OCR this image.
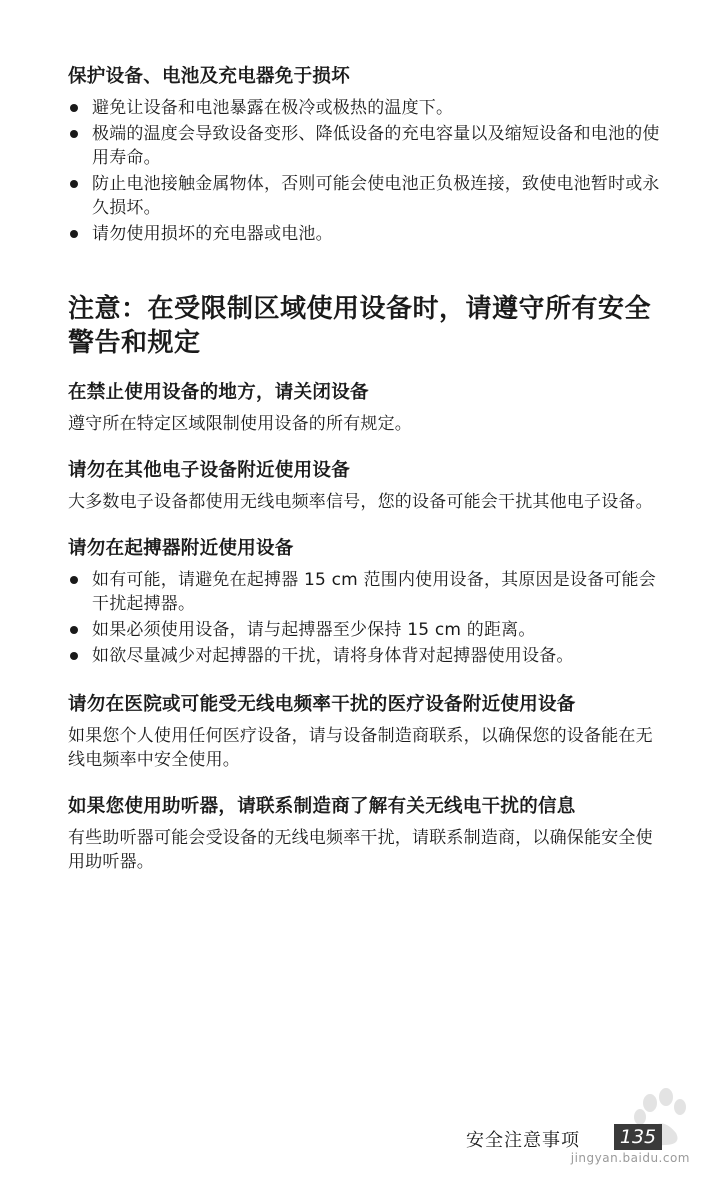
保护设备、电池及充电器免于损坏
避免让设备和电池暴露在极冷或极热的温度下。
极端的温度会导致设备变形、降低设备的充电容量以及缩短设备和电池的使用寿命。
防止电池接触金属物体，否则可能会使电池正负极连接，致使电池暂时或永久损坏。
请勿使用损坏的充电器或电池。
注意：在受限制区域使用设备时，请遵守所有安全警告和规定
在禁止使用设备的地方，请关闭设备

遵守所在特定区域限制使用设备的所有规定。

请勿在其他电子设备附近使用设备

大多数电子设备都使用无线电频率信号，您的设备可能会干扰其他电子设备。

请勿在起搏器附近使用设备
如有可能，请避免在起搏器 15 cm 范围内使用设备，其原因是设备可能会干扰起搏器。
如果必须使用设备，请与起搏器至少保持 15 cm 的距离。
如欲尽量减少对起搏器的干扰，请将身体背对起搏器使用设备。
请勿在医院或可能受无线电频率干扰的医疗设备附近使用设备

如果您个人使用任何医疗设备，请与设备制造商联系，以确保您的设备能在无线电频率中安全使用。

如果您使用助听器，请联系制造商了解有关无线电干扰的信息

有些助听器可能会受设备的无线电频率干扰，请联系制造商，以确保能安全使用助听器。

安全注意事项	135
jingyan.baidu.com
